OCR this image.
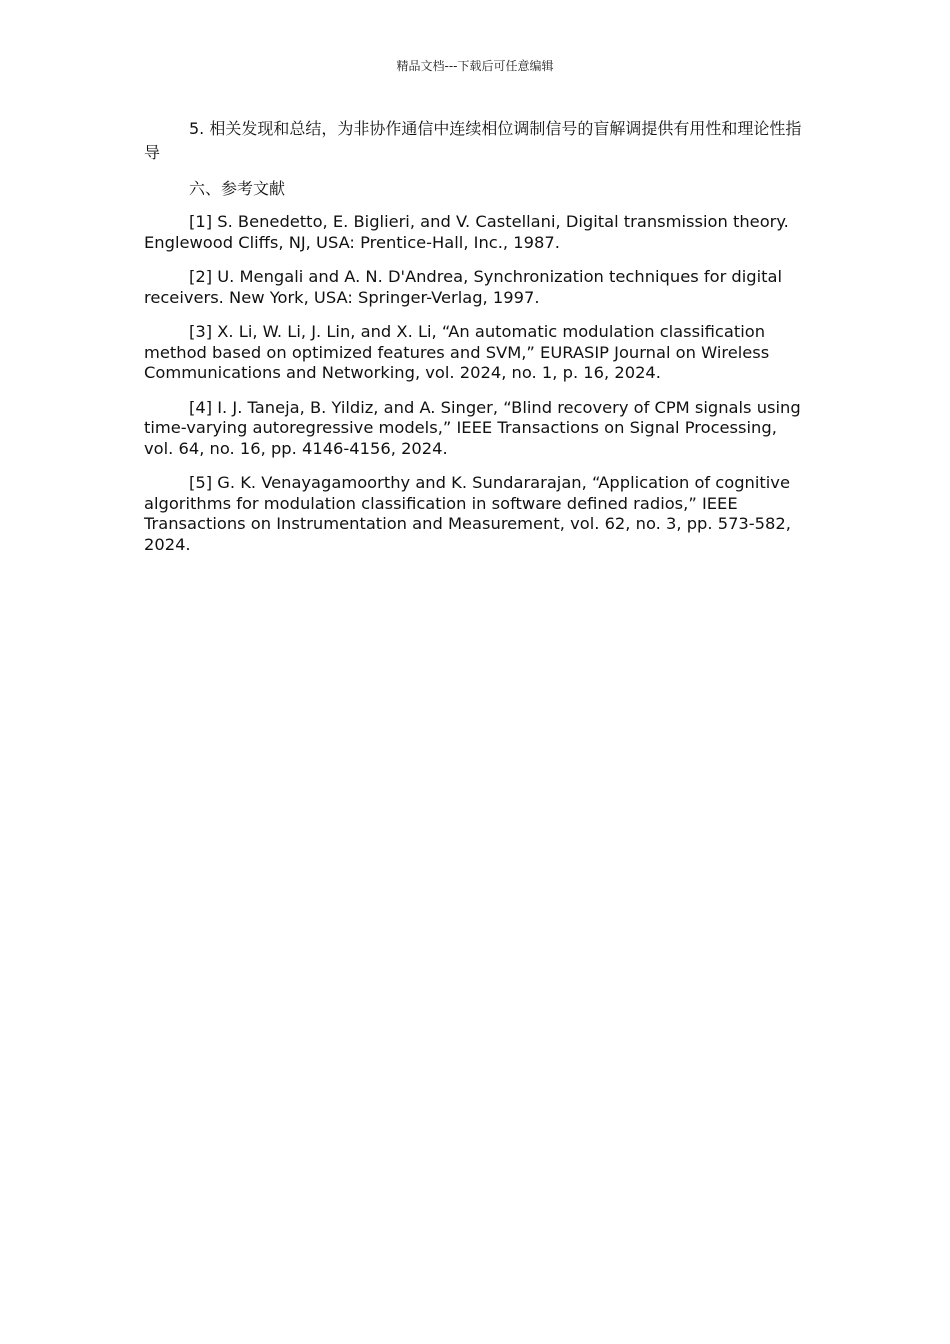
精品文档---下载后可任意编辑

5. 相关发现和总结，为非协作通信中连续相位调制信号的盲解调提供有用性和理论性指导

六、参考文献

[1] S. Benedetto, E. Biglieri, and V. Castellani, Digital transmission theory. Englewood Cliffs, NJ, USA: Prentice-Hall, Inc., 1987.

[2] U. Mengali and A. N. D'Andrea, Synchronization techniques for digital receivers. New York, USA: Springer-Verlag, 1997.

[3] X. Li, W. Li, J. Lin, and X. Li, “An automatic modulation classification method based on optimized features and SVM,” EURASIP Journal on Wireless Communications and Networking, vol. 2024, no. 1, p. 16, 2024.

[4] I. J. Taneja, B. Yildiz, and A. Singer, “Blind recovery of CPM signals using time-varying autoregressive models,” IEEE Transactions on Signal Processing, vol. 64, no. 16, pp. 4146-4156, 2024.

[5] G. K. Venayagamoorthy and K. Sundararajan, “Application of cognitive algorithms for modulation classification in software defined radios,” IEEE Transactions on Instrumentation and Measurement, vol. 62, no. 3, pp. 573-582, 2024.
